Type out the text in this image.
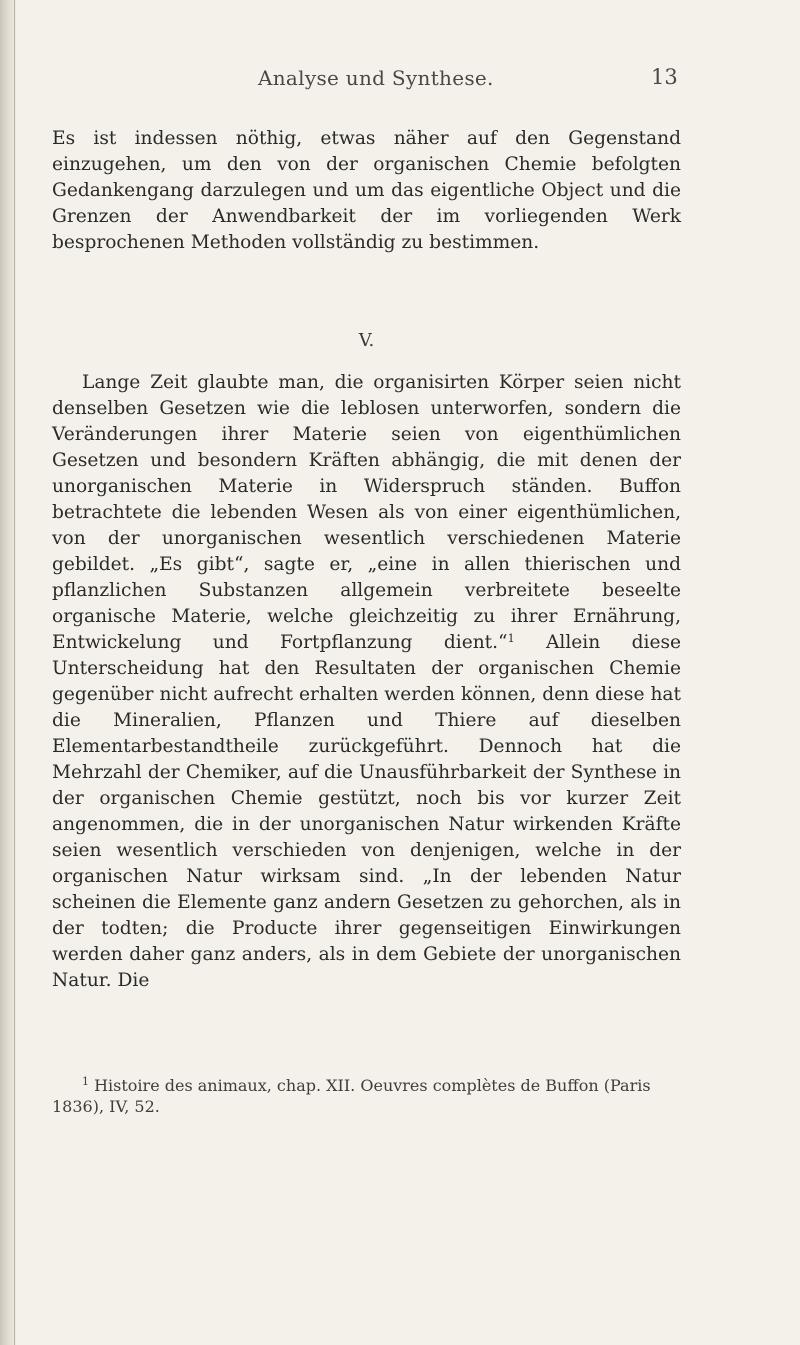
Analyse und Synthese.	13

Es ist indessen nöthig, etwas näher auf den Gegenstand einzugehen, um den von der organischen Chemie befolgten Gedankengang darzulegen und um das eigentliche Object und die Grenzen der Anwendbarkeit der im vorliegenden Werk besprochenen Methoden vollständig zu bestimmen.

V.

Lange Zeit glaubte man, die organisirten Körper seien nicht denselben Gesetzen wie die leblosen unterworfen, sondern die Veränderungen ihrer Materie seien von eigenthümlichen Gesetzen und besondern Kräften abhängig, die mit denen der unorganischen Materie in Widerspruch ständen. Buffon betrachtete die lebenden Wesen als von einer eigenthümlichen, von der unorganischen wesentlich verschiedenen Materie gebildet. „Es gibt“, sagte er, „eine in allen thierischen und pflanzlichen Substanzen allgemein verbreitete beseelte organische Materie, welche gleichzeitig zu ihrer Ernährung, Entwickelung und Fortpflanzung dient.“$^1$ Allein diese Unterscheidung hat den Resultaten der organischen Chemie gegenüber nicht aufrecht erhalten werden können, denn diese hat die Mineralien, Pflanzen und Thiere auf dieselben Elementarbestandtheile zurückgeführt. Dennoch hat die Mehrzahl der Chemiker, auf die Unausführbarkeit der Synthese in der organischen Chemie gestützt, noch bis vor kurzer Zeit angenommen, die in der unorganischen Natur wirkenden Kräfte seien wesentlich verschieden von denjenigen, welche in der organischen Natur wirksam sind. „In der lebenden Natur scheinen die Elemente ganz andern Gesetzen zu gehorchen, als in der todten; die Producte ihrer gegenseitigen Einwirkungen werden daher ganz anders, als in dem Gebiete der unorganischen Natur. Die

$^1$ Histoire des animaux, chap. XII. Oeuvres complètes de Buffon (Paris 1836), IV, 52.
